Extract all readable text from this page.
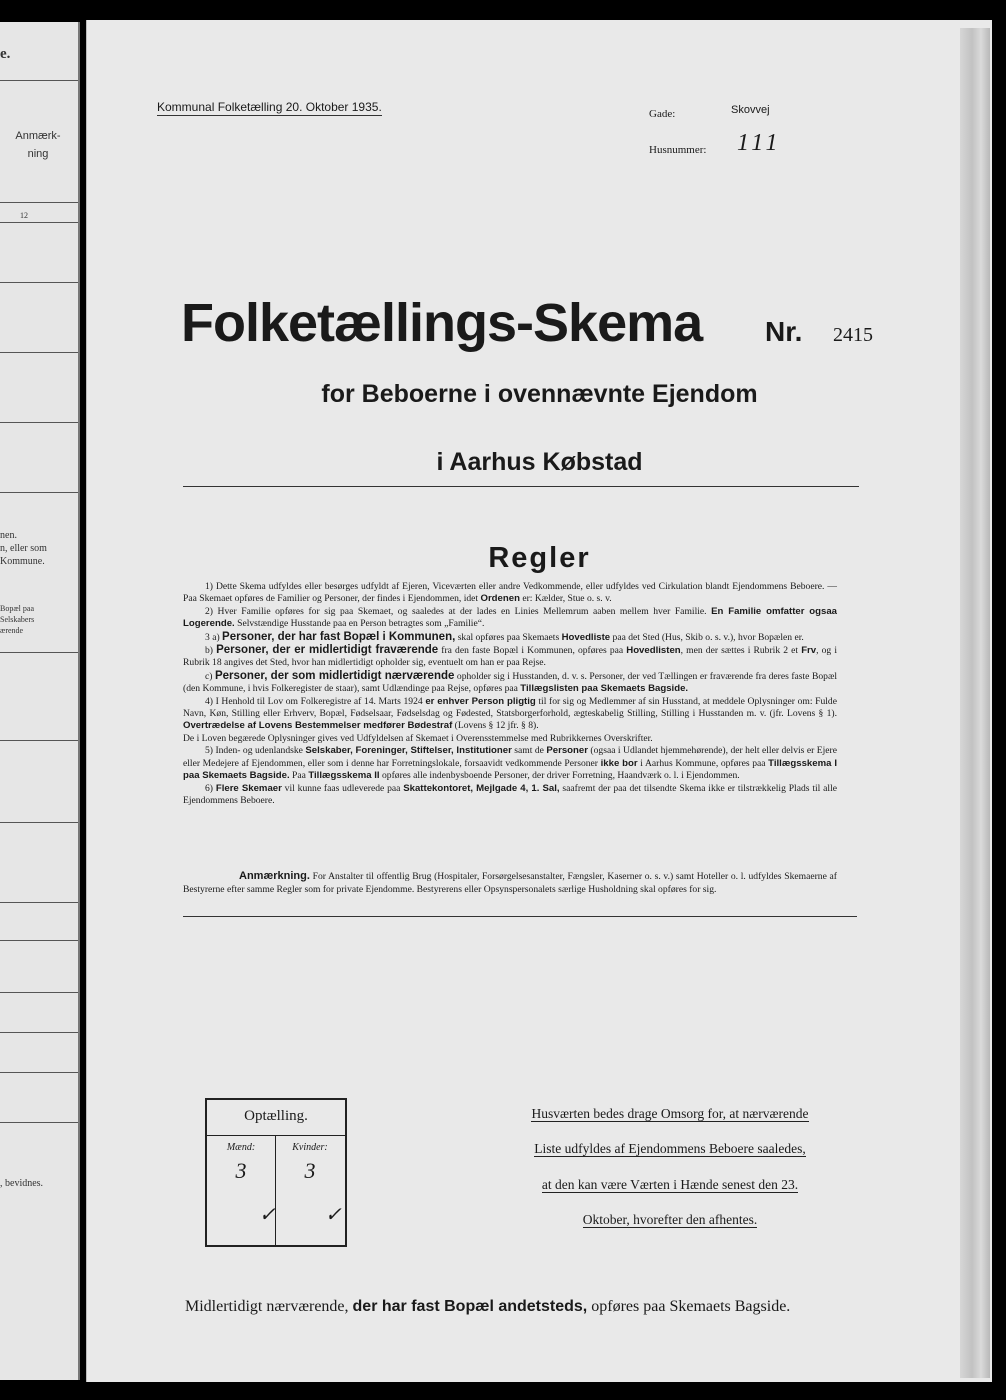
e.
Anmærk-
ning
12
nen.
n, eller som
Kommune.
Bopæl paa
Selskabers
ærende
, bevidnes.
Kommunal Folketælling 20. Oktober 1935.	Gade:	Skovvej
Husnummer: 111
Folketællings-Skema Nr. 2415
for Beboerne i ovennævnte Ejendom
i Aarhus Købstad
Regler

1) Dette Skema udfyldes eller besørges udfyldt af Ejeren, Viceværten eller andre Vedkommende, eller udfyldes ved Cirkulation blandt Ejendommens Beboere. — Paa Skemaet opføres de Familier og Personer, der findes i Ejendommen, idet Ordenen er: Kælder, Stue o. s. v.

2) Hver Familie opføres for sig paa Skemaet, og saaledes at der lades en Linies Mellemrum aaben mellem hver Familie. En Familie omfatter ogsaa Logerende. Selvstændige Husstande paa en Person betragtes som „Familie“.

3 a) Personer, der har fast Bopæl i Kommunen, skal opføres paa Skemaets Hovedliste paa det Sted (Hus, Skib o. s. v.), hvor Bopælen er.

b) Personer, der er midlertidigt fraværende fra den faste Bopæl i Kommunen, opføres paa Hovedlisten, men der sættes i Rubrik 2 et Frv, og i Rubrik 18 angives det Sted, hvor han midlertidigt opholder sig, eventuelt om han er paa Rejse.

c) Personer, der som midlertidigt nærværende opholder sig i Husstanden, d. v. s. Personer, der ved Tællingen er fraværende fra deres faste Bopæl (den Kommune, i hvis Folkeregister de staar), samt Udlændinge paa Rejse, opføres paa Tillægslisten paa Skemaets Bagside.

4) I Henhold til Lov om Folkeregistre af 14. Marts 1924 er enhver Person pligtig til for sig og Medlemmer af sin Husstand, at meddele Oplysninger om: Fulde Navn, Køn, Stilling eller Erhverv, Bopæl, Fødselsaar, Fødselsdag og Fødested, Statsborgerforhold, ægteskabelig Stilling, Stilling i Husstanden m. v. (jfr. Lovens § 1). Overtrædelse af Lovens Bestemmelser medfører Bødestraf (Lovens § 12 jfr. § 8).

De i Loven begærede Oplysninger gives ved Udfyldelsen af Skemaet i Overensstemmelse med Rubrikkernes Overskrifter.

5) Inden- og udenlandske Selskaber, Foreninger, Stiftelser, Institutioner samt de Personer (ogsaa i Udlandet hjemmehørende), der helt eller delvis er Ejere eller Medejere af Ejendommen, eller som i denne har Forretningslokale, forsaavidt vedkommende Personer ikke bor i Aarhus Kommune, opføres paa Tillægsskema I paa Skemaets Bagside. Paa Tillægsskema II opføres alle indenbysboende Personer, der driver Forretning, Haandværk o. l. i Ejendommen.

6) Flere Skemaer vil kunne faas udleverede paa Skattekontoret, Mejlgade 4, 1. Sal, saafremt der paa det tilsendte Skema ikke er tilstrækkelig Plads til alle Ejendommens Beboere.

Anmærkning. For Anstalter til offentlig Brug (Hospitaler, Forsørgelsesanstalter, Fængsler, Kaserner o. s. v.) samt Hoteller o. l. udfyldes Skemaerne af Bestyrerne efter samme Regler som for private Ejendomme. Bestyrerens eller Opsynspersonalets særlige Husholdning skal opføres for sig.

Optælling.
Mænd:	Kvinder:
3	3
✓ ✓
Husværten bedes drage Omsorg for, at nærværende
Liste udfyldes af Ejendommens Beboere saaledes,
at den kan være Værten i Hænde senest den 23.
Oktober, hvorefter den afhentes.
Midlertidigt nærværende, der har fast Bopæl andetsteds, opføres paa Skemaets Bagside.
